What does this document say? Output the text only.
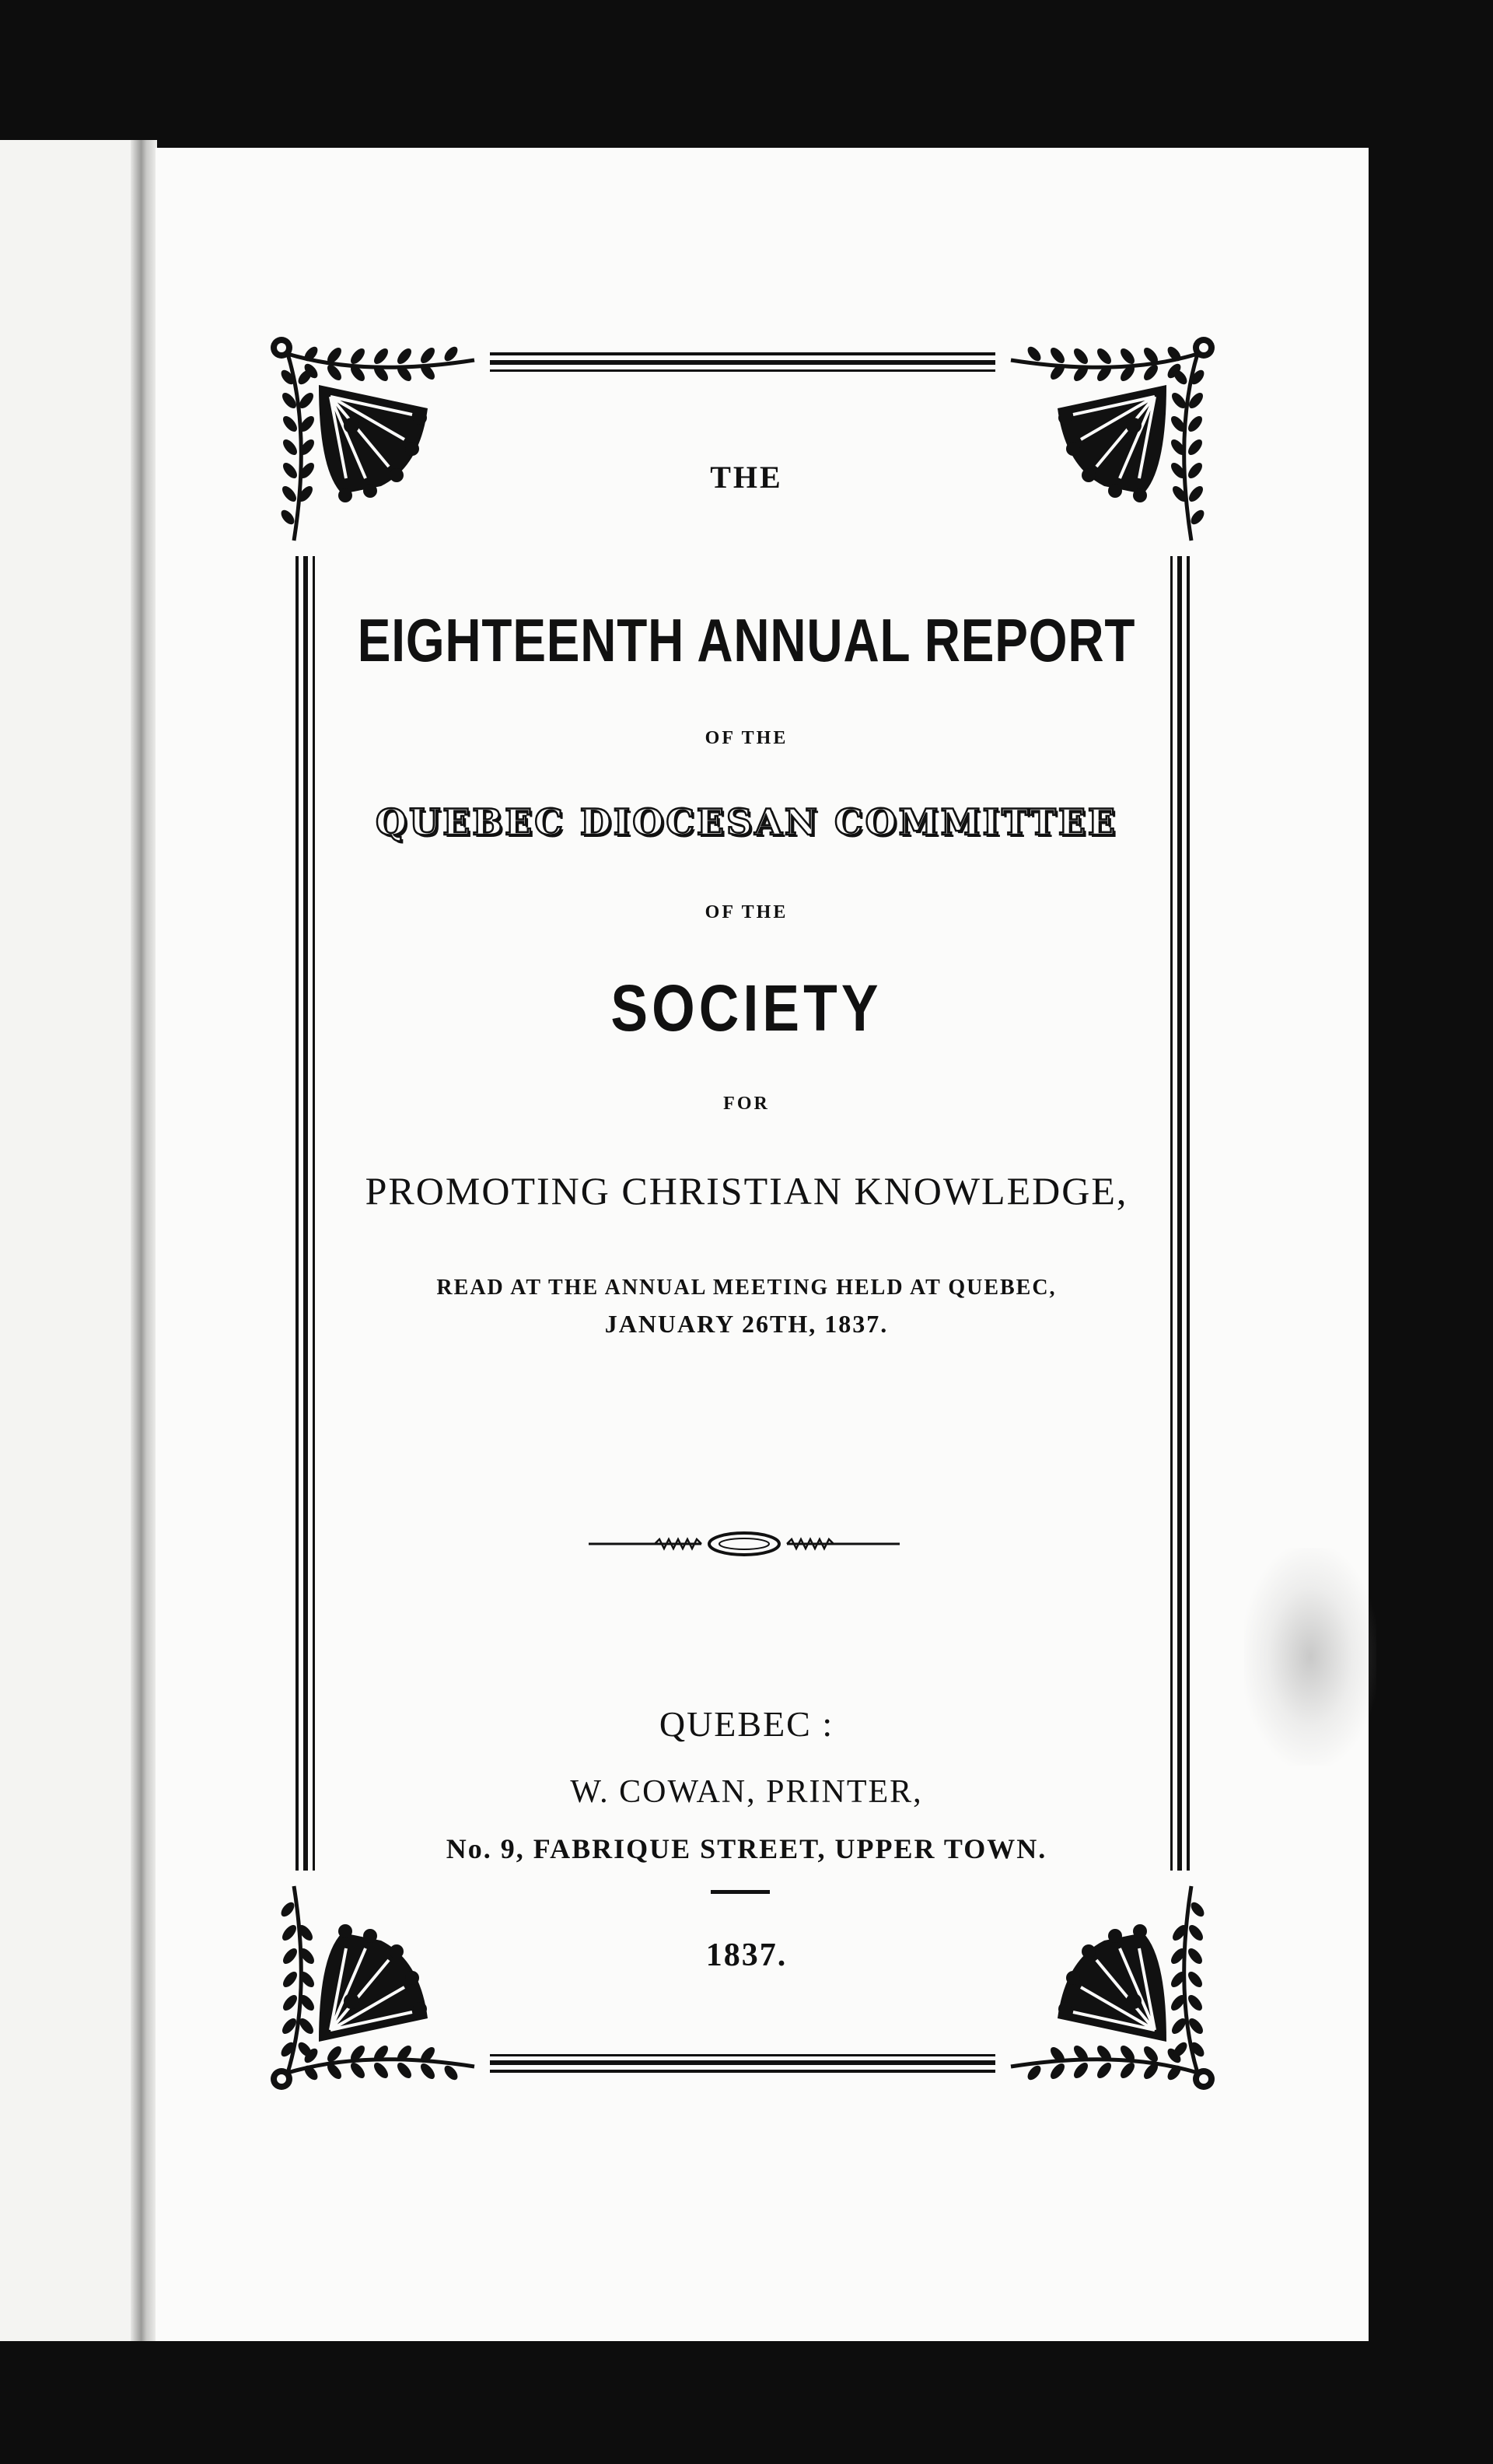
THE
EIGHTEENTH ANNUAL REPORT
OF THE
QUEBEC DIOCESAN COMMITTEE
OF THE
SOCIETY
FOR
PROMOTING CHRISTIAN KNOWLEDGE,
READ AT THE ANNUAL MEETING HELD AT QUEBEC,
JANUARY 26TH, 1837.
QUEBEC :
W. COWAN, PRINTER,
No. 9, FABRIQUE STREET, UPPER TOWN.
1837.
